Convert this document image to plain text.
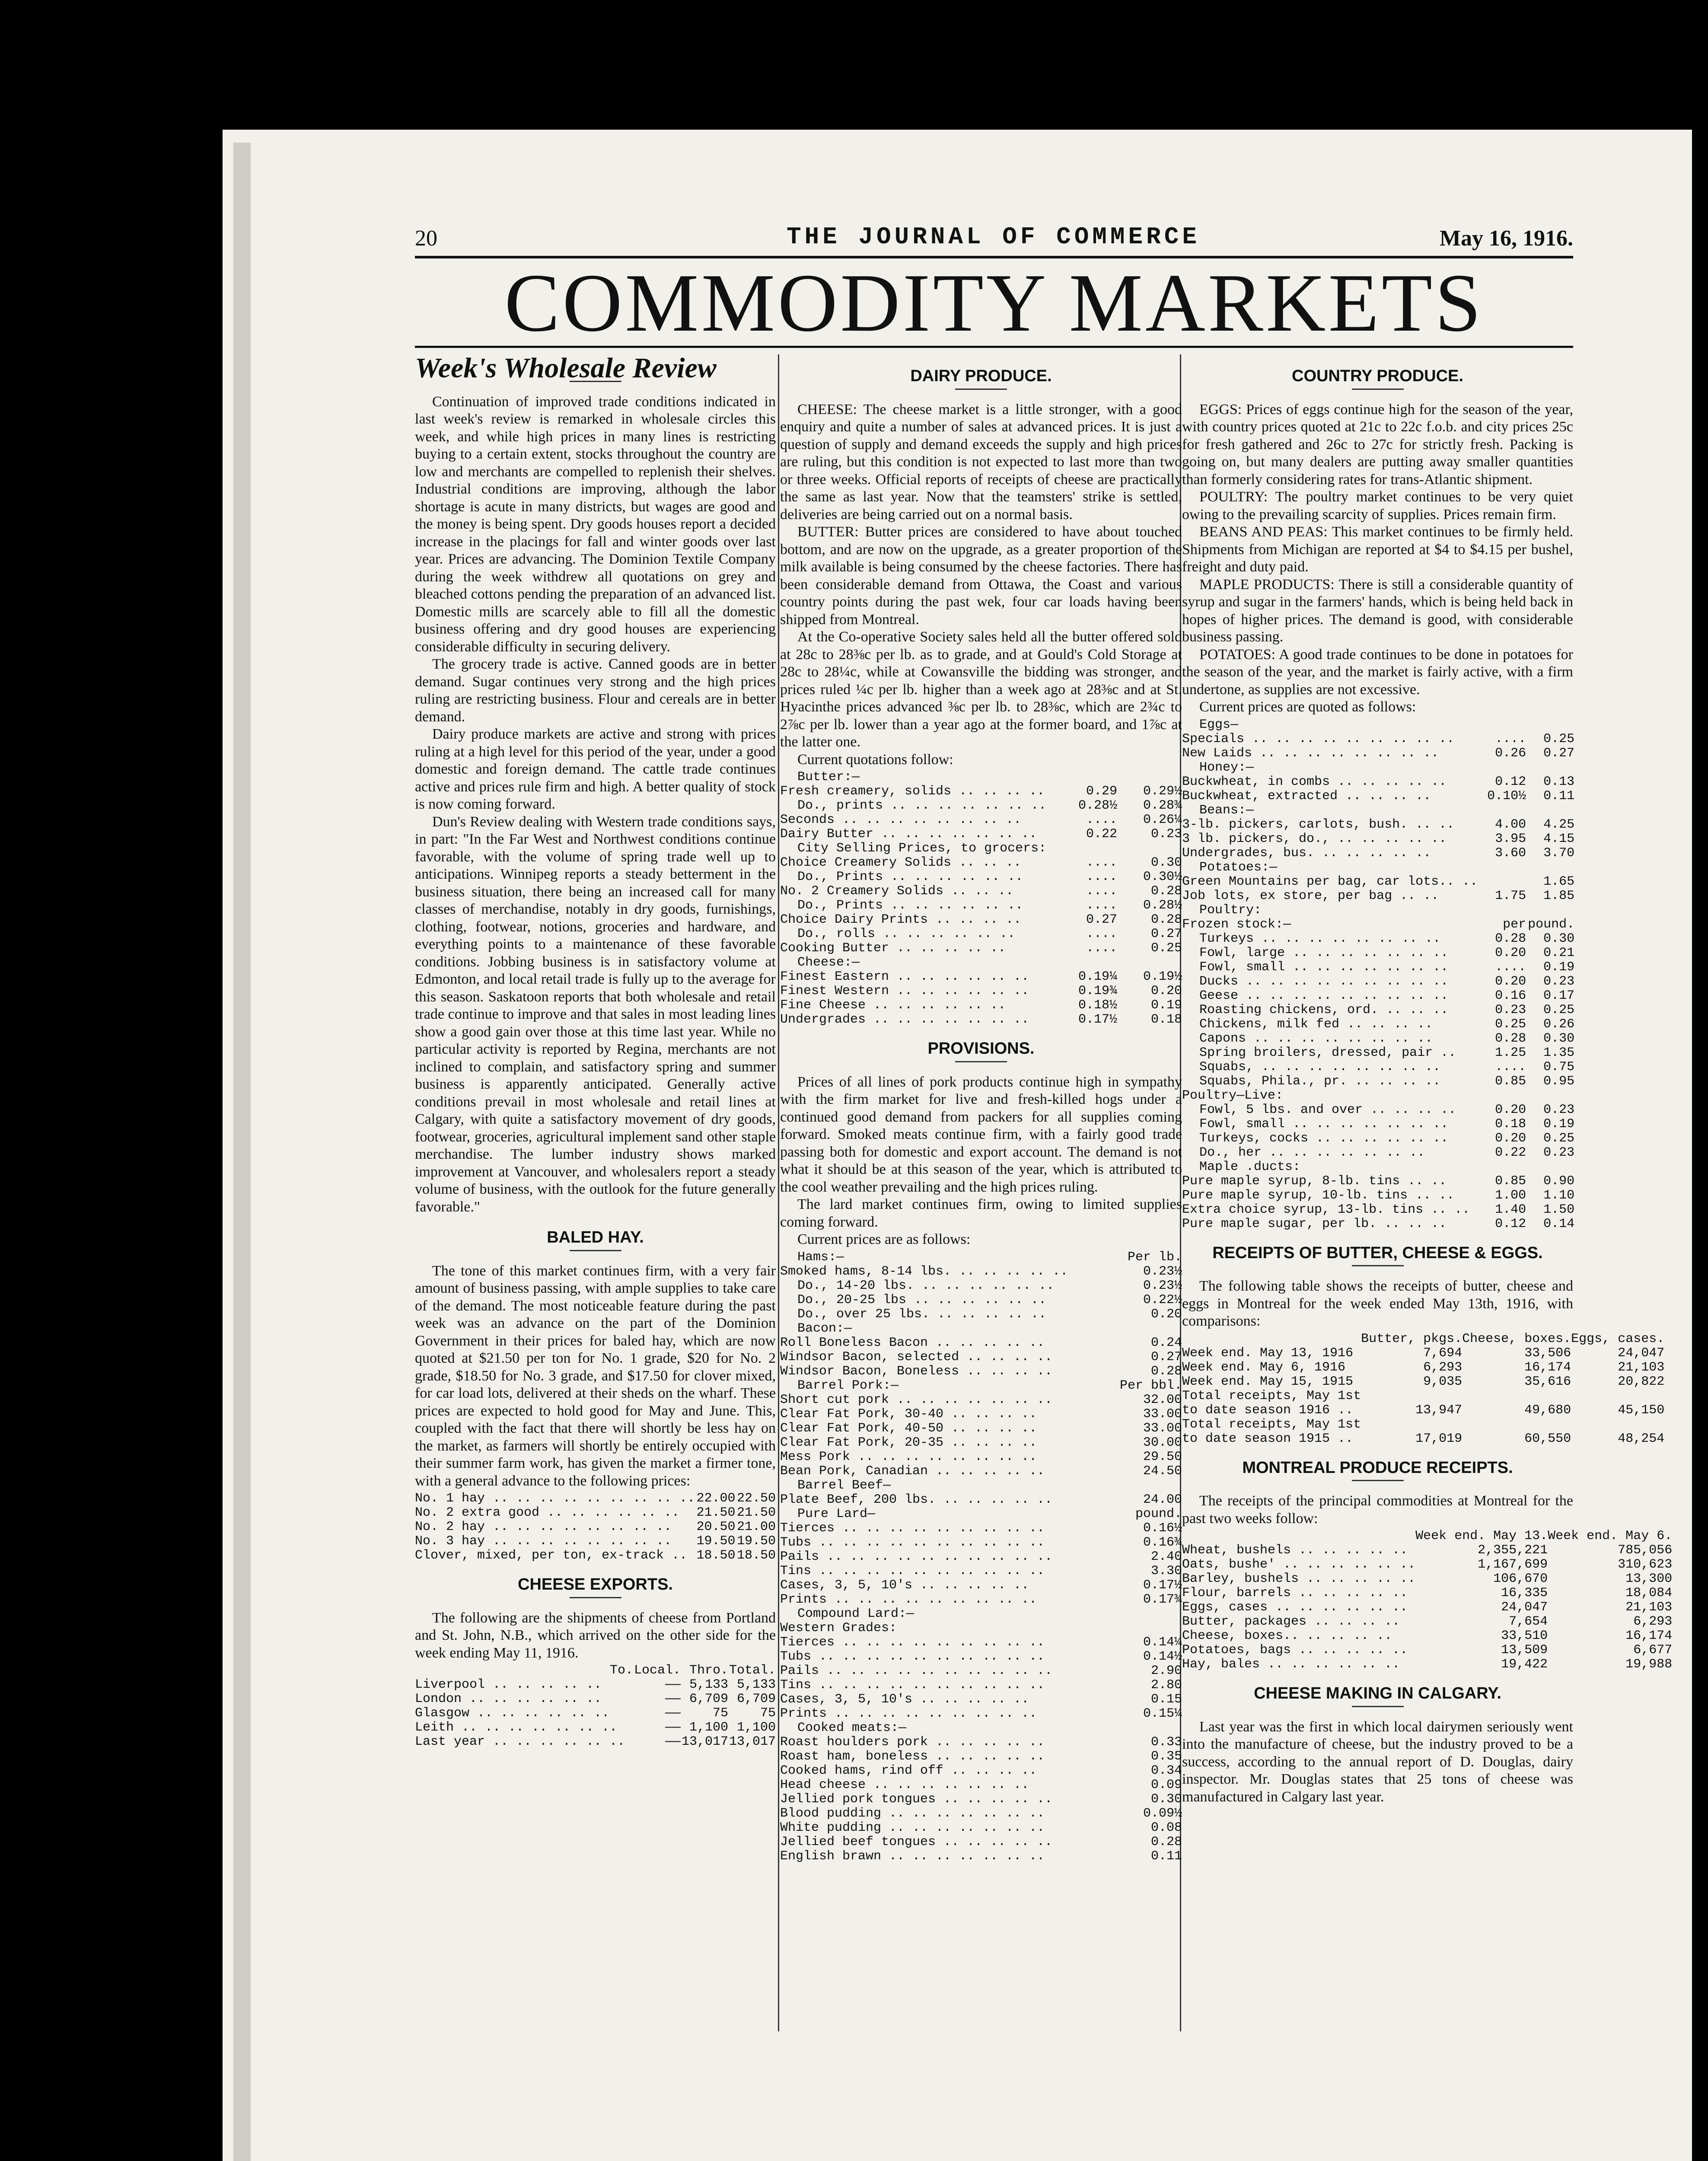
20	THE JOURNAL OF COMMERCE	May 16, 1916.
COMMODITY MARKETS
Week's Wholesale Review

Continuation of improved trade conditions indicated in last week's review is remarked in wholesale circles this week, and while high prices in many lines is restricting buying to a certain extent, stocks throughout the country are low and merchants are compelled to replenish their shelves. Industrial conditions are improving, although the labor shortage is acute in many districts, but wages are good and the money is being spent. Dry goods houses report a decided increase in the placings for fall and winter goods over last year. Prices are advancing. The Dominion Textile Company during the week withdrew all quotations on grey and bleached cottons pending the preparation of an advanced list. Domestic mills are scarcely able to fill all the domestic business offering and dry good houses are experiencing considerable difficulty in securing delivery.

The grocery trade is active. Canned goods are in better demand. Sugar continues very strong and the high prices ruling are restricting business. Flour and cereals are in better demand.

Dairy produce markets are active and strong with prices ruling at a high level for this period of the year, under a good domestic and foreign demand. The cattle trade continues active and prices rule firm and high. A better quality of stock is now coming forward.

Dun's Review dealing with Western trade conditions says, in part: "In the Far West and Northwest conditions continue favorable, with the volume of spring trade well up to anticipations. Winnipeg reports a steady betterment in the business situation, there being an increased call for many classes of merchandise, notably in dry goods, furnishings, clothing, footwear, notions, groceries and hardware, and everything points to a maintenance of these favorable conditions. Jobbing business is in satisfactory volume at Edmonton, and local retail trade is fully up to the average for this season. Saskatoon reports that both wholesale and retail trade continue to improve and that sales in most leading lines show a good gain over those at this time last year. While no particular activity is reported by Regina, merchants are not inclined to complain, and satisfactory spring and summer business is apparently anticipated. Generally active conditions prevail in most wholesale and retail lines at Calgary, with quite a satisfactory movement of dry goods, footwear, groceries, agricultural implement sand other staple merchandise. The lumber industry shows marked improvement at Vancouver, and wholesalers report a steady volume of business, with the outlook for the future generally favorable."

BALED HAY.

The tone of this market continues firm, with a very fair amount of business passing, with ample supplies to take care of the demand. The most noticeable feature during the past week was an advance on the part of the Dominion Government in their prices for baled hay, which are now quoted at $21.50 per ton for No. 1 grade, $20 for No. 2 grade, $18.50 for No. 3 grade, and $17.50 for clover mixed, for car load lots, delivered at their sheds on the wharf. These prices are expected to hold good for May and June. This, coupled with the fact that there will shortly be less hay on the market, as farmers will shortly be entirely occupied with their summer farm work, has given the market a firmer tone, with a general advance to the following prices:

No. 1 hay .. .. .. .. .. .. .. .. ..	22.00	22.50
No. 2 extra good .. .. .. .. .. ..	21.50	21.50
No. 2 hay .. .. .. .. .. .. .. ..	20.50	21.00
No. 3 hay .. .. .. .. .. .. .. ..	19.50	19.50
Clover, mixed, per ton, ex-track ..	18.50	18.50
CHEESE EXPORTS.

The following are the shipments of cheese from Portland and St. John, N.B., which arrived on the other side for the week ending May 11, 1916.

To.	Local.	Thro.	Total.
Liverpool .. .. .. .. ..	——	5,133	5,133
London .. .. .. .. .. ..	——	6,709	6,709
Glasgow .. .. .. .. .. ..	——	75	75
Leith .. .. .. .. .. .. ..	——	1,100	1,100
Last year .. .. .. .. .. ..	——	13,017	13,017
DAIRY PRODUCE.

CHEESE: The cheese market is a little stronger, with a good enquiry and quite a number of sales at advanced prices. It is just a question of supply and demand exceeds the supply and high prices are ruling, but this condition is not expected to last more than two or three weeks. Official reports of receipts of cheese are practically the same as last year. Now that the teamsters' strike is settled, deliveries are being carried out on a normal basis.

BUTTER: Butter prices are considered to have about touched bottom, and are now on the upgrade, as a greater proportion of the milk available is being consumed by the cheese factories. There has been considerable demand from Ottawa, the Coast and various country points during the past wek, four car loads having been shipped from Montreal.

At the Co-operative Society sales held all the butter offered sold at 28c to 28⅜c per lb. as to grade, and at Gould's Cold Storage at 28c to 28¼c, while at Cowansville the bidding was stronger, and prices ruled ¼c per lb. higher than a week ago at 28⅜c and at St. Hyacinthe prices advanced ⅜c per lb. to 28⅜c, which are 2¾c to 2⅞c per lb. lower than a year ago at the former board, and 1⅞c at the latter one.

Current quotations follow:

Butter:—		
Fresh creamery, solids .. .. .. ..	0.29	0.29½
Do., prints .. .. .. .. .. .. ..	0.28½	0.28¾
Seconds .. .. .. .. .. .. .. ..	....	0.26¼
Dairy Butter .. .. .. .. .. .. ..	0.22	0.23
City Selling Prices, to grocers:		
Choice Creamery Solids .. .. ..	....	0.30
Do., Prints .. .. .. .. .. ..	....	0.30½
No. 2 Creamery Solids .. .. ..	....	0.28
Do., Prints .. .. .. .. .. ..	....	0.28½
Choice Dairy Prints .. .. .. ..	0.27	0.28
Do., rolls .. .. .. .. .. ..	....	0.27
Cooking Butter .. .. .. .. ..	....	0.25
Cheese:—		
Finest Eastern .. .. .. .. .. ..	0.19¼	0.19½
Finest Western .. .. .. .. .. ..	0.19¾	0.20
Fine Cheese .. .. .. .. .. ..	0.18½	0.19
Undergrades .. .. .. .. .. .. ..	0.17½	0.18
PROVISIONS.

Prices of all lines of pork products continue high in sympathy with the firm market for live and fresh-killed hogs under a continued good demand from packers for all supplies coming forward. Smoked meats continue firm, with a fairly good trade passing both for domestic and export account. The demand is not what it should be at this season of the year, which is attributed to the cool weather prevailing and the high prices ruling.

The lard market continues firm, owing to limited supplies coming forward.

Current prices are as follows:

Hams:—	Per lb.
Smoked hams, 8-14 lbs. .. .. .. .. ..	0.23½
Do., 14-20 lbs. .. .. .. .. .. ..	0.23½
Do., 20-25 lbs .. .. .. .. .. ..	0.22½
Do., over 25 lbs. .. .. .. .. ..	0.20
Bacon:—	
Roll Boneless Bacon .. .. .. .. ..	0.24
Windsor Bacon, selected .. .. .. ..	0.27
Windsor Bacon, Boneless .. .. .. ..	0.28
Barrel Pork:—	Per bbl.
Short cut pork .. .. .. .. .. .. ..	32.00
Clear Fat Pork, 30-40 .. .. .. ..	33.00
Clear Fat Pork, 40-50 .. .. .. ..	33.00
Clear Fat Pork, 20-35 .. .. .. ..	30.00
Mess Pork .. .. .. .. .. .. .. ..	29.50
Bean Pork, Canadian .. .. .. .. ..	24.50
Barrel Beef—	
Plate Beef, 200 lbs. .. .. .. .. ..	24.00
Pure Lard—	pound.
Tierces .. .. .. .. .. .. .. .. ..	0.16½
Tubs .. .. .. .. .. .. .. .. .. ..	0.16¾
Pails .. .. .. .. .. .. .. .. .. ..	2.40
Tins .. .. .. .. .. .. .. .. .. ..	3.30
Cases, 3, 5, 10's .. .. .. .. ..	0.17½
Prints .. .. .. .. .. .. .. .. ..	0.17¾
Compound Lard:—	
Western Grades:	
Tierces .. .. .. .. .. .. .. .. ..	0.14¼
Tubs .. .. .. .. .. .. .. .. .. ..	0.14½
Pails .. .. .. .. .. .. .. .. .. ..	2.90
Tins .. .. .. .. .. .. .. .. .. ..	2.80
Cases, 3, 5, 10's .. .. .. .. ..	0.15
Prints .. .. .. .. .. .. .. .. ..	0.15¼
Cooked meats:—	
Roast houlders pork .. .. .. .. ..	0.33
Roast ham, boneless .. .. .. .. ..	0.35
Cooked hams, rind off .. .. .. ..	0.34
Head cheese .. .. .. .. .. .. ..	0.09
Jellied pork tongues .. .. .. .. ..	0.30
Blood pudding .. .. .. .. .. .. ..	0.09½
White pudding .. .. .. .. .. .. ..	0.08
Jellied beef tongues .. .. .. .. ..	0.28
English brawn .. .. .. .. .. .. ..	0.11
COUNTRY PRODUCE.

EGGS: Prices of eggs continue high for the season of the year, with country prices quoted at 21c to 22c f.o.b. and city prices 25c for fresh gathered and 26c to 27c for strictly fresh. Packing is going on, but many dealers are putting away smaller quantities than formerly considering rates for trans-Atlantic shipment.

POULTRY: The poultry market continues to be very quiet owing to the prevailing scarcity of supplies. Prices remain firm.

BEANS AND PEAS: This market continues to be firmly held. Shipments from Michigan are reported at $4 to $4.15 per bushel, freight and duty paid.

MAPLE PRODUCTS: There is still a considerable quantity of syrup and sugar in the farmers' hands, which is being held back in hopes of higher prices. The demand is good, with considerable business passing.

POTATOES: A good trade continues to be done in potatoes for the season of the year, and the market is fairly active, with a firm undertone, as supplies are not excessive.

Current prices are quoted as follows:

Eggs—		
Specials .. .. .. .. .. .. .. .. ..	....	0.25
New Laids .. .. .. .. .. .. .. ..	0.26	0.27
Honey:—		
Buckwheat, in combs .. .. .. .. ..	0.12	0.13
Buckwheat, extracted .. .. .. ..	0.10½	0.11
Beans:—		
3-lb. pickers, carlots, bush. .. ..	4.00	4.25
3 lb. pickers, do., .. .. .. .. ..	3.95	4.15
Undergrades, bus. .. .. .. .. ..	3.60	3.70
Potatoes:—		
Green Mountains per bag, car lots.. ..		1.65
Job lots, ex store, per bag .. ..	1.75	1.85
Poultry:		
Frozen stock:—	per	pound.
Turkeys .. .. .. .. .. .. .. ..	0.28	0.30
Fowl, large .. .. .. .. .. .. ..	0.20	0.21
Fowl, small .. .. .. .. .. .. ..	....	0.19
Ducks .. .. .. .. .. .. .. .. ..	0.20	0.23
Geese .. .. .. .. .. .. .. .. ..	0.16	0.17
Roasting chickens, ord. .. .. ..	0.23	0.25
Chickens, milk fed .. .. .. ..	0.25	0.26
Capons .. .. .. .. .. .. .. ..	0.28	0.30
Spring broilers, dressed, pair ..	1.25	1.35
Squabs, .. .. .. .. .. .. .. ..	....	0.75
Squabs, Phila., pr. .. .. .. ..	0.85	0.95
Poultry—Live:		
Fowl, 5 lbs. and over .. .. .. ..	0.20	0.23
Fowl, small .. .. .. .. .. .. ..	0.18	0.19
Turkeys, cocks .. .. .. .. .. ..	0.20	0.25
Do., her .. .. .. .. .. .. ..	0.22	0.23
Maple .ducts:		
Pure maple syrup, 8-lb. tins .. ..	0.85	0.90
Pure maple syrup, 10-lb. tins .. ..	1.00	1.10
Extra choice syrup, 13-lb. tins .. ..	1.40	1.50
Pure maple sugar, per lb. .. .. ..	0.12	0.14
RECEIPTS OF BUTTER, CHEESE & EGGS.

The following table shows the receipts of butter, cheese and eggs in Montreal for the week ended May 13th, 1916, with comparisons:

	Butter, pkgs.	Cheese, boxes.	Eggs, cases.
Week end. May 13, 1916	7,694	33,506	24,047
Week end. May 6, 1916	6,293	16,174	21,103
Week end. May 15, 1915	9,035	35,616	20,822
Total receipts, May 1st			
to date season 1916 ..	13,947	49,680	45,150
Total receipts, May 1st			
to date season 1915 ..	17,019	60,550	48,254
MONTREAL PRODUCE RECEIPTS.

The receipts of the principal commodities at Montreal for the past two weeks follow:

	Week end. May 13.	Week end. May 6.
Wheat, bushels .. .. .. .. ..	2,355,221	785,056
Oats, bushe' .. .. .. .. .. ..	1,167,699	310,623
Barley, bushels .. .. .. .. ..	106,670	13,300
Flour, barrels .. .. .. .. ..	16,335	18,084
Eggs, cases .. .. .. .. .. ..	24,047	21,103
Butter, packages .. .. .. ..	7,654	6,293
Cheese, boxes.. .. .. .. ..	33,510	16,174
Potatoes, bags .. .. .. .. ..	13,509	6,677
Hay, bales .. .. .. .. .. ..	19,422	19,988
CHEESE MAKING IN CALGARY.

Last year was the first in which local dairymen seriously went into the manufacture of cheese, but the industry proved to be a success, according to the annual report of D. Douglas, dairy inspector. Mr. Douglas states that 25 tons of cheese was manufactured in Calgary last year.
